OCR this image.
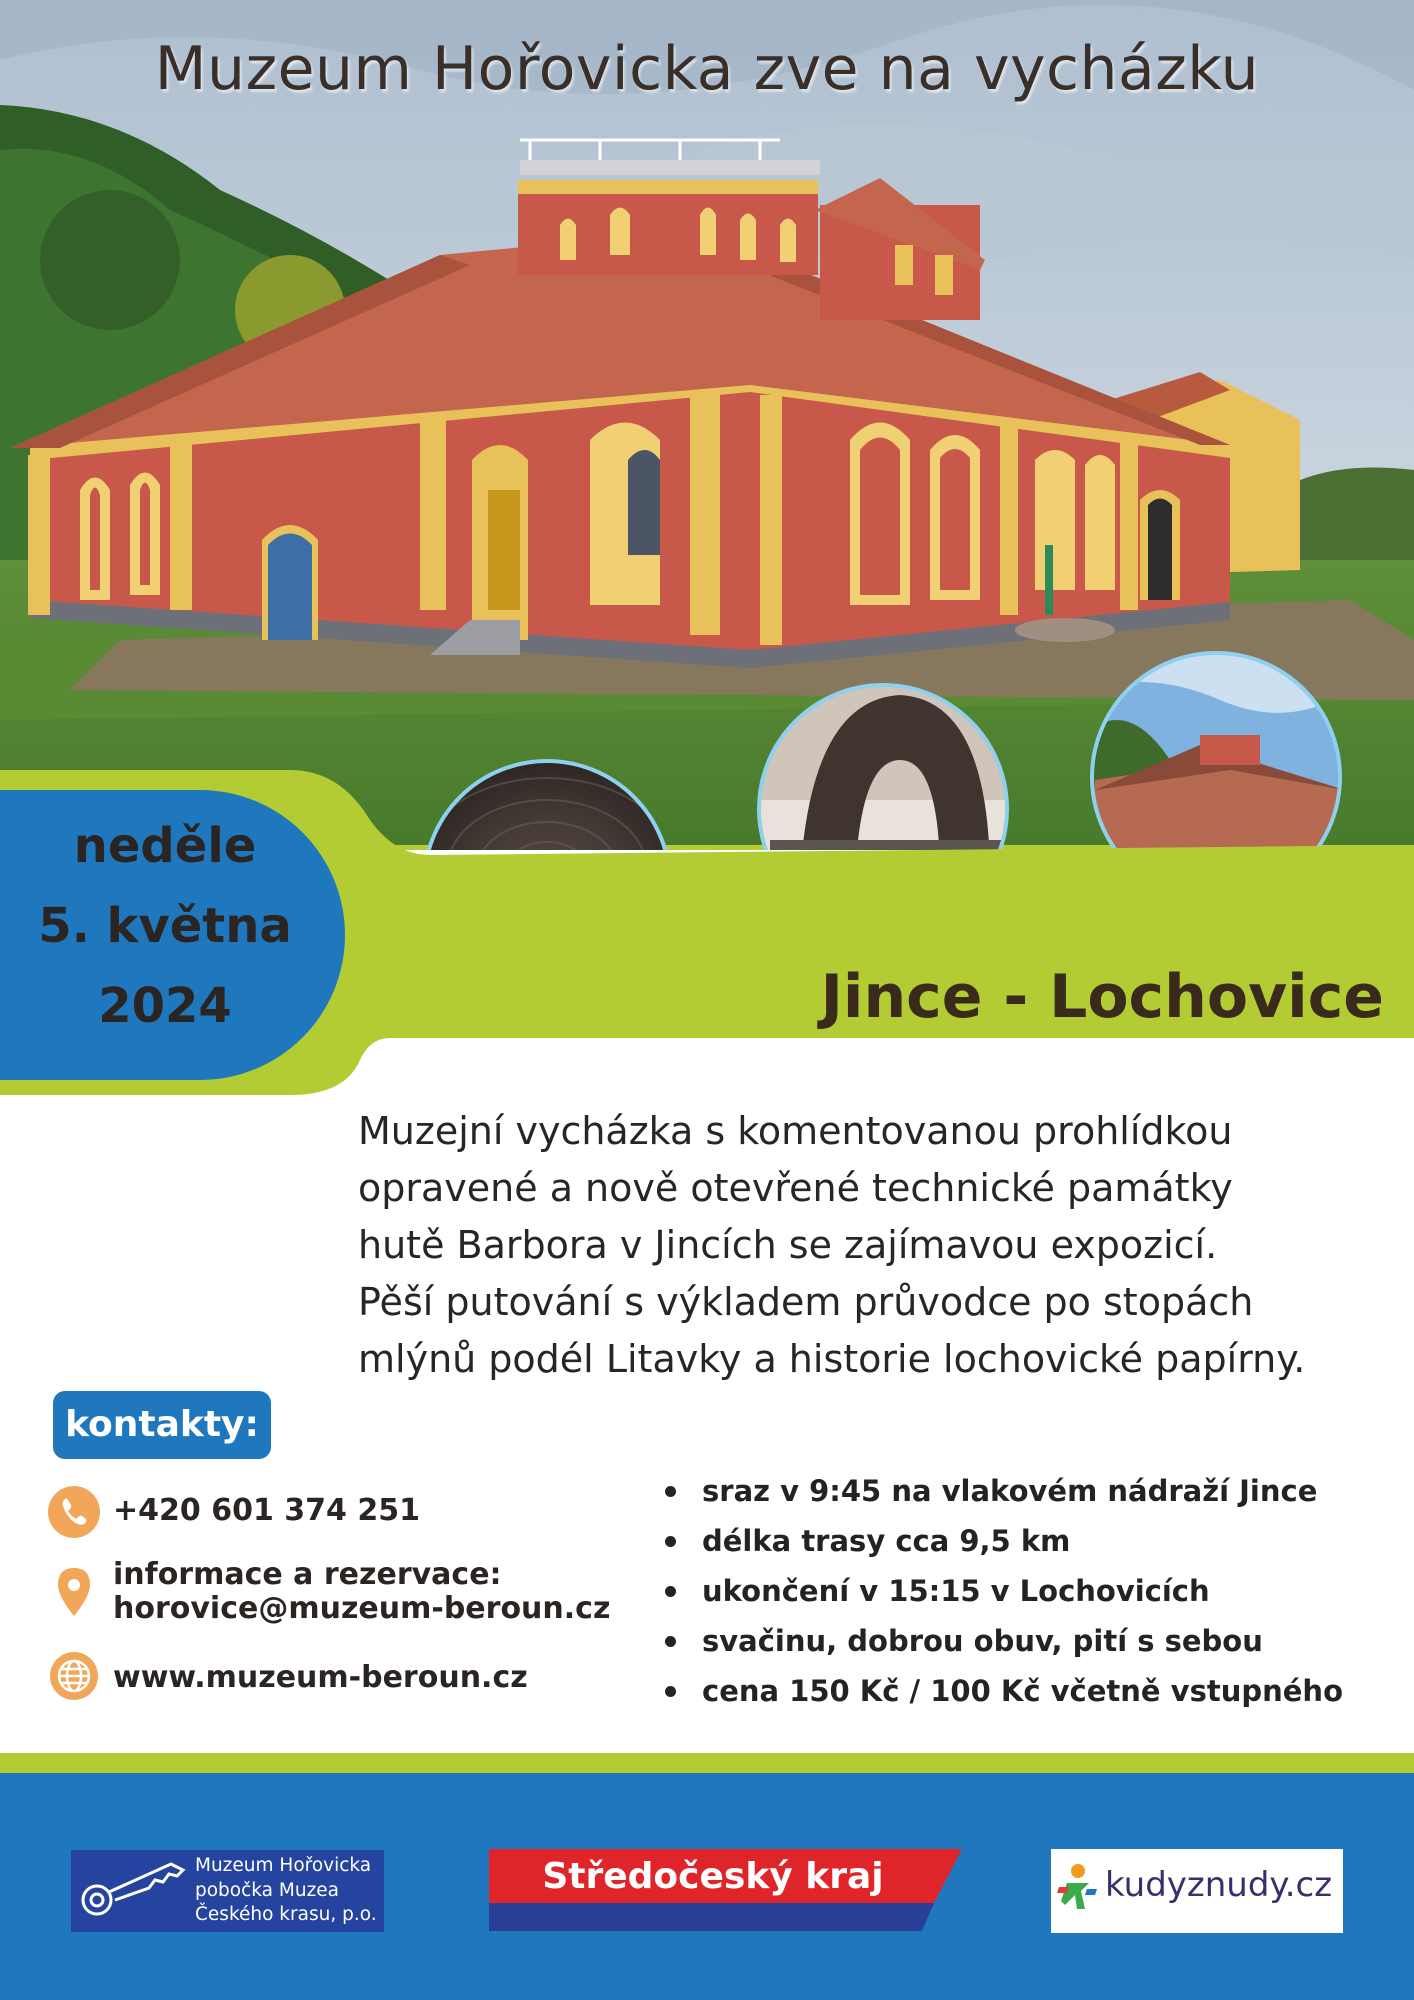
Muzeum Hořovicka zve na vycházku
neděle
5. května
2024	Jince - Lochovice

Muzejní vycházka s komentovanou prohlídkou

opravené a nově otevřené technické památky

hutě Barbora v Jincích se zajímavou expozicí.

Pěší putování s výkladem průvodce po stopách

mlýnů podél Litavky a historie lochovické papírny.

kontakty:
+420 601 374 251
informace a rezervace:
horovice@muzeum-beroun.cz
www.muzeum-beroun.cz
sraz v 9:45 na vlakovém nádraží Jince
délka trasy cca 9,5 km
ukončení v 15:15 v Lochovicích
svačinu, dobrou obuv, pití s sebou
cena 150 Kč / 100 Kč včetně vstupného
Muzeum Hořovicka
pobočka Muzea
Českého krasu, p.o.
Středočeský kraj	kudyznudy.cz
